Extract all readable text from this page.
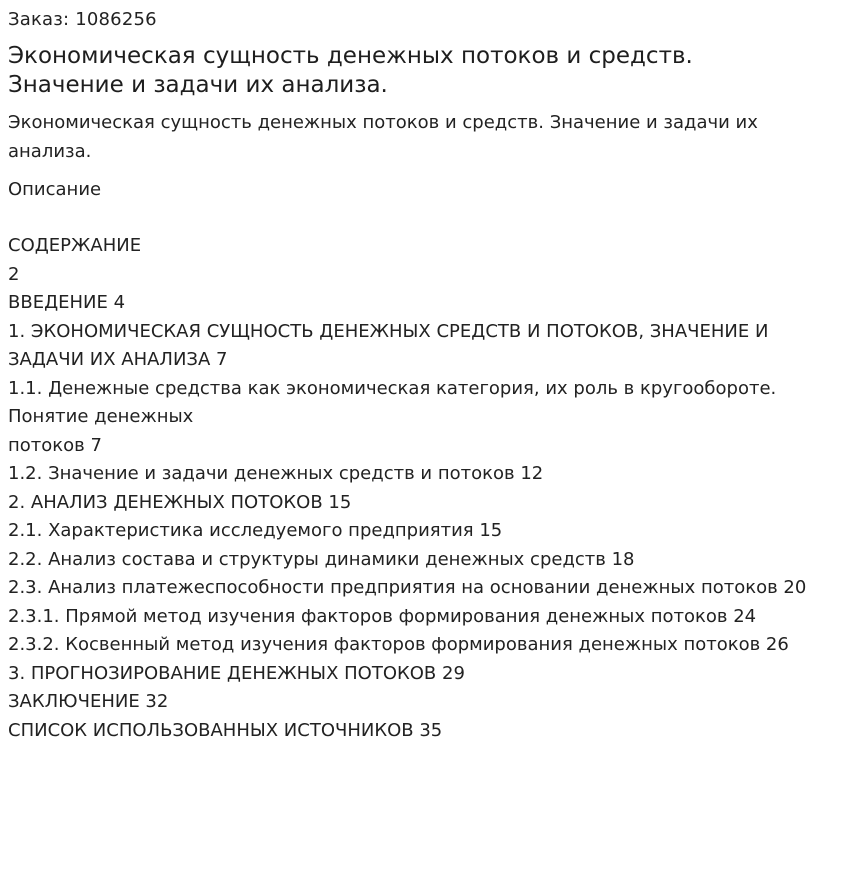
Заказ: 1086256
Экономическая сущность денежных потоков и средств.
Значение и задачи их анализа.
Экономическая сущность денежных потоков и средств. Значение и задачи их анализа.
Описание
СОДЕРЖАНИЕ
2
ВВЕДЕНИЕ 4
1. ЭКОНОМИЧЕСКАЯ СУЩНОСТЬ ДЕНЕЖНЫХ СРЕДСТВ И ПОТОКОВ, ЗНАЧЕНИЕ И ЗАДАЧИ ИХ АНАЛИЗА 7
1.1. Денежные средства как экономическая категория, их роль в кругообороте. Понятие денежных
потоков 7
1.2. Значение и задачи денежных средств и потоков 12
2. АНАЛИЗ ДЕНЕЖНЫХ ПОТОКОВ 15
2.1. Характеристика исследуемого предприятия 15
2.2. Анализ состава и структуры динамики денежных средств 18
2.3. Анализ платежеспособности предприятия на основании денежных потоков 20
2.3.1. Прямой метод изучения факторов формирования денежных потоков 24
2.3.2. Косвенный метод изучения факторов формирования денежных потоков 26
3. ПРОГНОЗИРОВАНИЕ ДЕНЕЖНЫХ ПОТОКОВ 29
ЗАКЛЮЧЕНИЕ 32
СПИСОК ИСПОЛЬЗОВАННЫХ ИСТОЧНИКОВ 35
